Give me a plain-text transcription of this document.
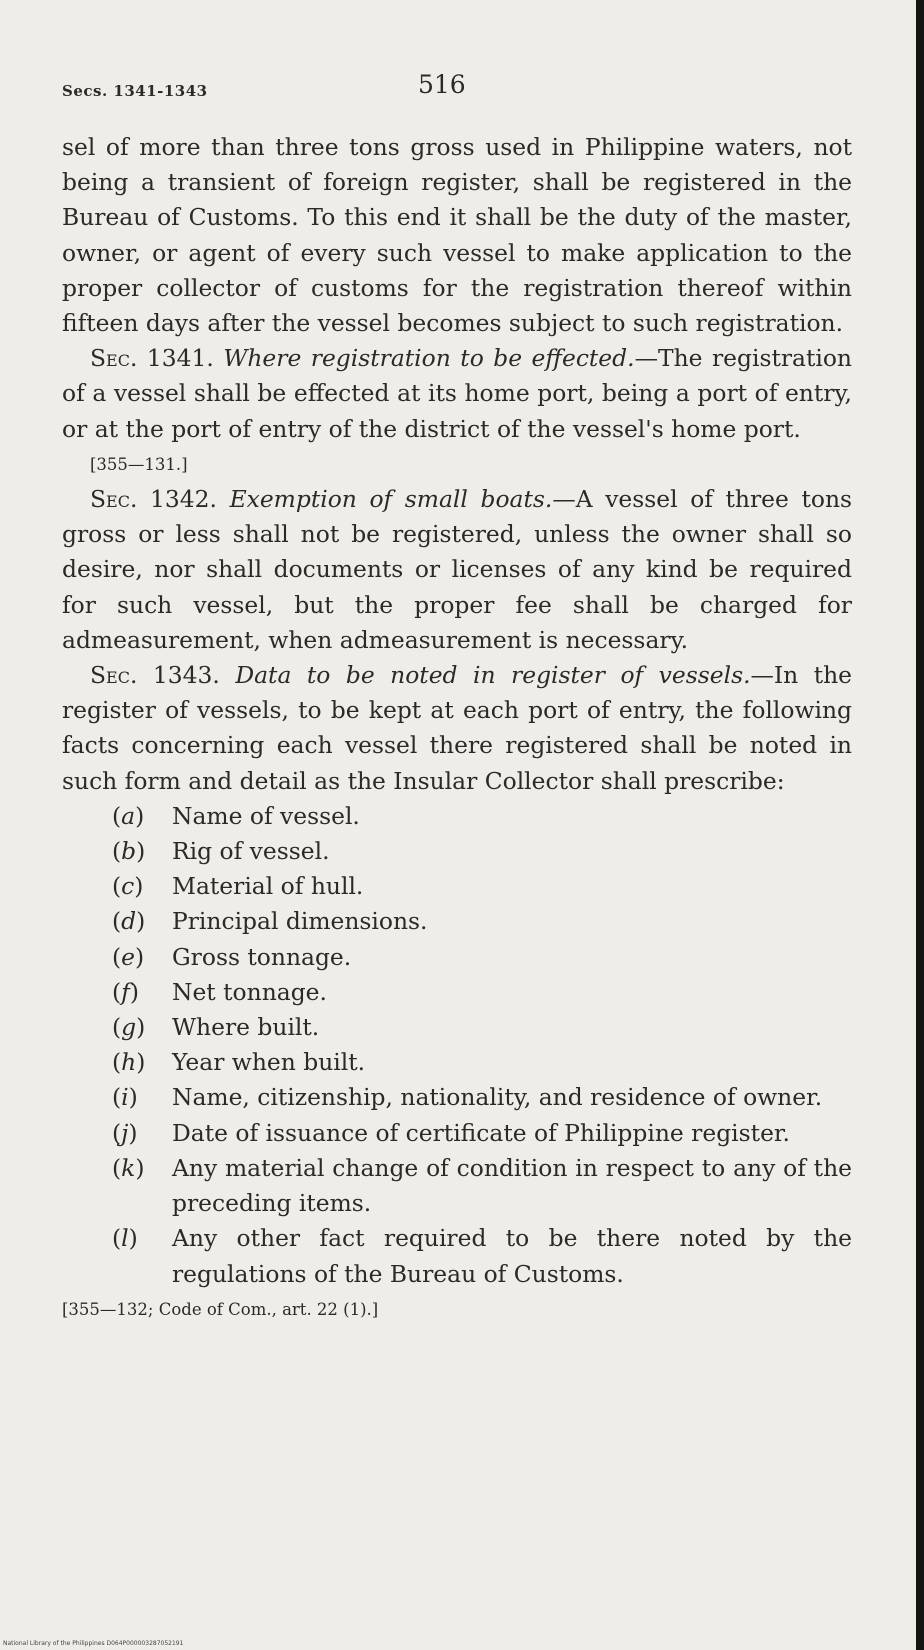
Secs. 1341-1343	516

sel of more than three tons gross used in Philippine waters, not being a transient of foreign register, shall be registered in the Bureau of Customs. To this end it shall be the duty of the master, owner, or agent of every such vessel to make application to the proper collector of customs for the registration thereof within fifteen days after the vessel becomes subject to such registration.

Sec. 1341. Where registration to be effected.—The registration of a vessel shall be effected at its home port, being a port of entry, or at the port of entry of the district of the vessel's home port.

[355—131.]

Sec. 1342. Exemption of small boats.—A vessel of three tons gross or less shall not be registered, unless the owner shall so desire, nor shall documents or licenses of any kind be required for such vessel, but the proper fee shall be charged for admeasurement, when admeasurement is necessary.

Sec. 1343. Data to be noted in register of vessels.—In the register of vessels, to be kept at each port of entry, the following facts concerning each vessel there registered shall be noted in such form and detail as the Insular Collector shall prescribe:

(a)	Name of vessel.
(b)	Rig of vessel.
(c)	Material of hull.
(d)	Principal dimensions.
(e)	Gross tonnage.
(f)	Net tonnage.
(g)	Where built.
(h)	Year when built.
(i)	Name, citizenship, nationality, and residence of owner.
(j)	Date of issuance of certificate of Philippine register.
(k)	Any material change of condition in respect to any of the preceding items.
(l)	Any other fact required to be there noted by the regulations of the Bureau of Customs.

[355—132; Code of Com., art. 22 (1).]

National Library of the Philippines D064P000003287052191
